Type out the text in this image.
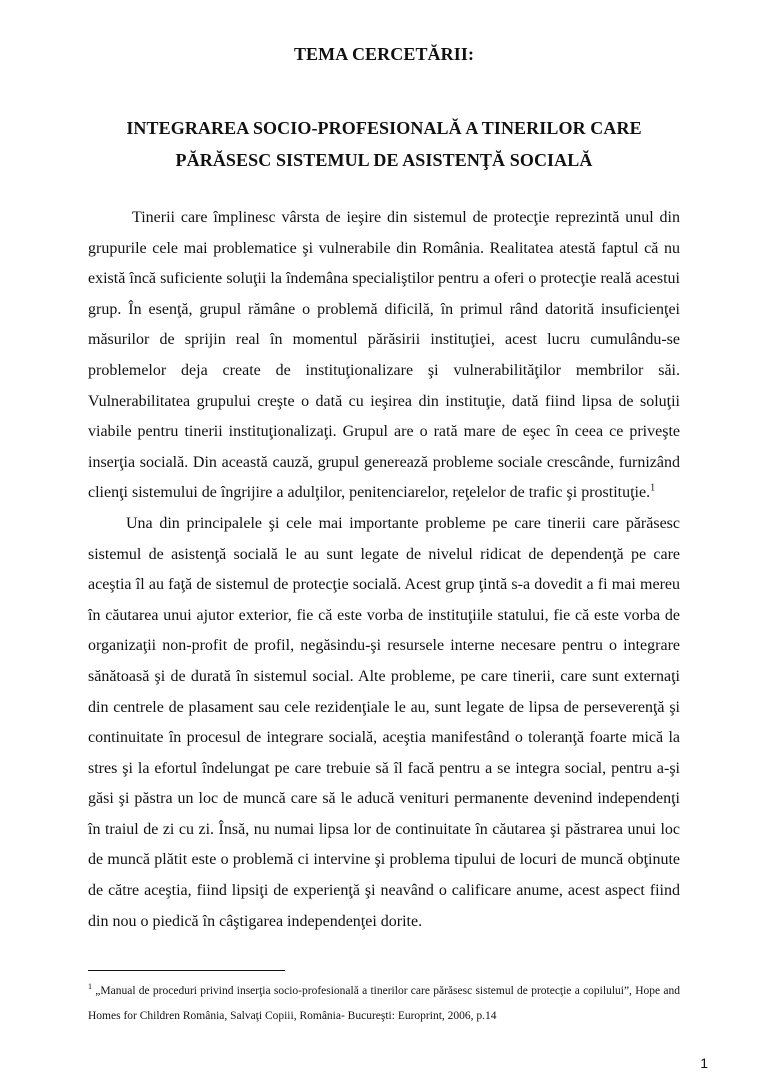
TEMA CERCETĂRII:
INTEGRAREA SOCIO-PROFESIONALĂ A TINERILOR CARE
PĂRĂSESC SISTEMUL DE ASISTENŢĂ SOCIALĂ

Tinerii care împlinesc vârsta de ieşire din sistemul de protecţie reprezintă unul din grupurile cele mai problematice şi vulnerabile din România. Realitatea atestă faptul că nu există încă suficiente soluţii la îndemâna specialiştilor pentru a oferi o protecţie reală acestui grup. În esenţă, grupul rămâne o problemă dificilă, în primul rând datorită insuficienţei măsurilor de sprijin real în momentul părăsirii instituţiei, acest lucru cumulându-se problemelor deja create de instituţionalizare şi vulnerabilităţilor membrilor săi. Vulnerabilitatea grupului creşte o dată cu ieşirea din instituţie, dată fiind lipsa de soluţii viabile pentru tinerii instituţionalizaţi. Grupul are o rată mare de eşec în ceea ce priveşte inserţia socială. Din această cauză, grupul generează probleme sociale crescânde, furnizând clienţi sistemului de îngrijire a adulţilor, penitenciarelor, reţelelor de trafic şi prostituţie.$^1$

Una din principalele şi cele mai importante probleme pe care tinerii care părăsesc sistemul de asistenţă socială le au sunt legate de nivelul ridicat de dependenţă pe care aceştia îl au faţă de sistemul de protecţie socială. Acest grup ţintă s-a dovedit a fi mai mereu în căutarea unui ajutor exterior, fie că este vorba de instituţiile statului, fie că este vorba de organizaţii non-profit de profil, negăsindu-şi resursele interne necesare pentru o integrare sănătoasă şi de durată în sistemul social. Alte probleme, pe care tinerii, care sunt externaţi din centrele de plasament sau cele rezidenţiale le au, sunt legate de lipsa de perseverenţă şi continuitate în procesul de integrare socială, aceştia manifestând o toleranţă foarte mică la stres şi la efortul îndelungat pe care trebuie să îl facă pentru a se integra social, pentru a-şi găsi şi păstra un loc de muncă care să le aducă venituri permanente devenind independenţi în traiul de zi cu zi. Însă, nu numai lipsa lor de continuitate în căutarea şi păstrarea unui loc de muncă plătit este o problemă ci intervine şi problema tipului de locuri de muncă obţinute de către aceştia, fiind lipsiţi de experienţă şi neavând o calificare anume, acest aspect fiind din nou o piedică în câştigarea independenţei dorite.

$^1$ „Manual de proceduri privind inserţia socio-profesională a tinerilor care părăsesc sistemul de protecţie a copilului”, Hope and Homes for Children România, Salvaţi Copiii, România- Bucureşti: Europrint, 2006, p.14

1
